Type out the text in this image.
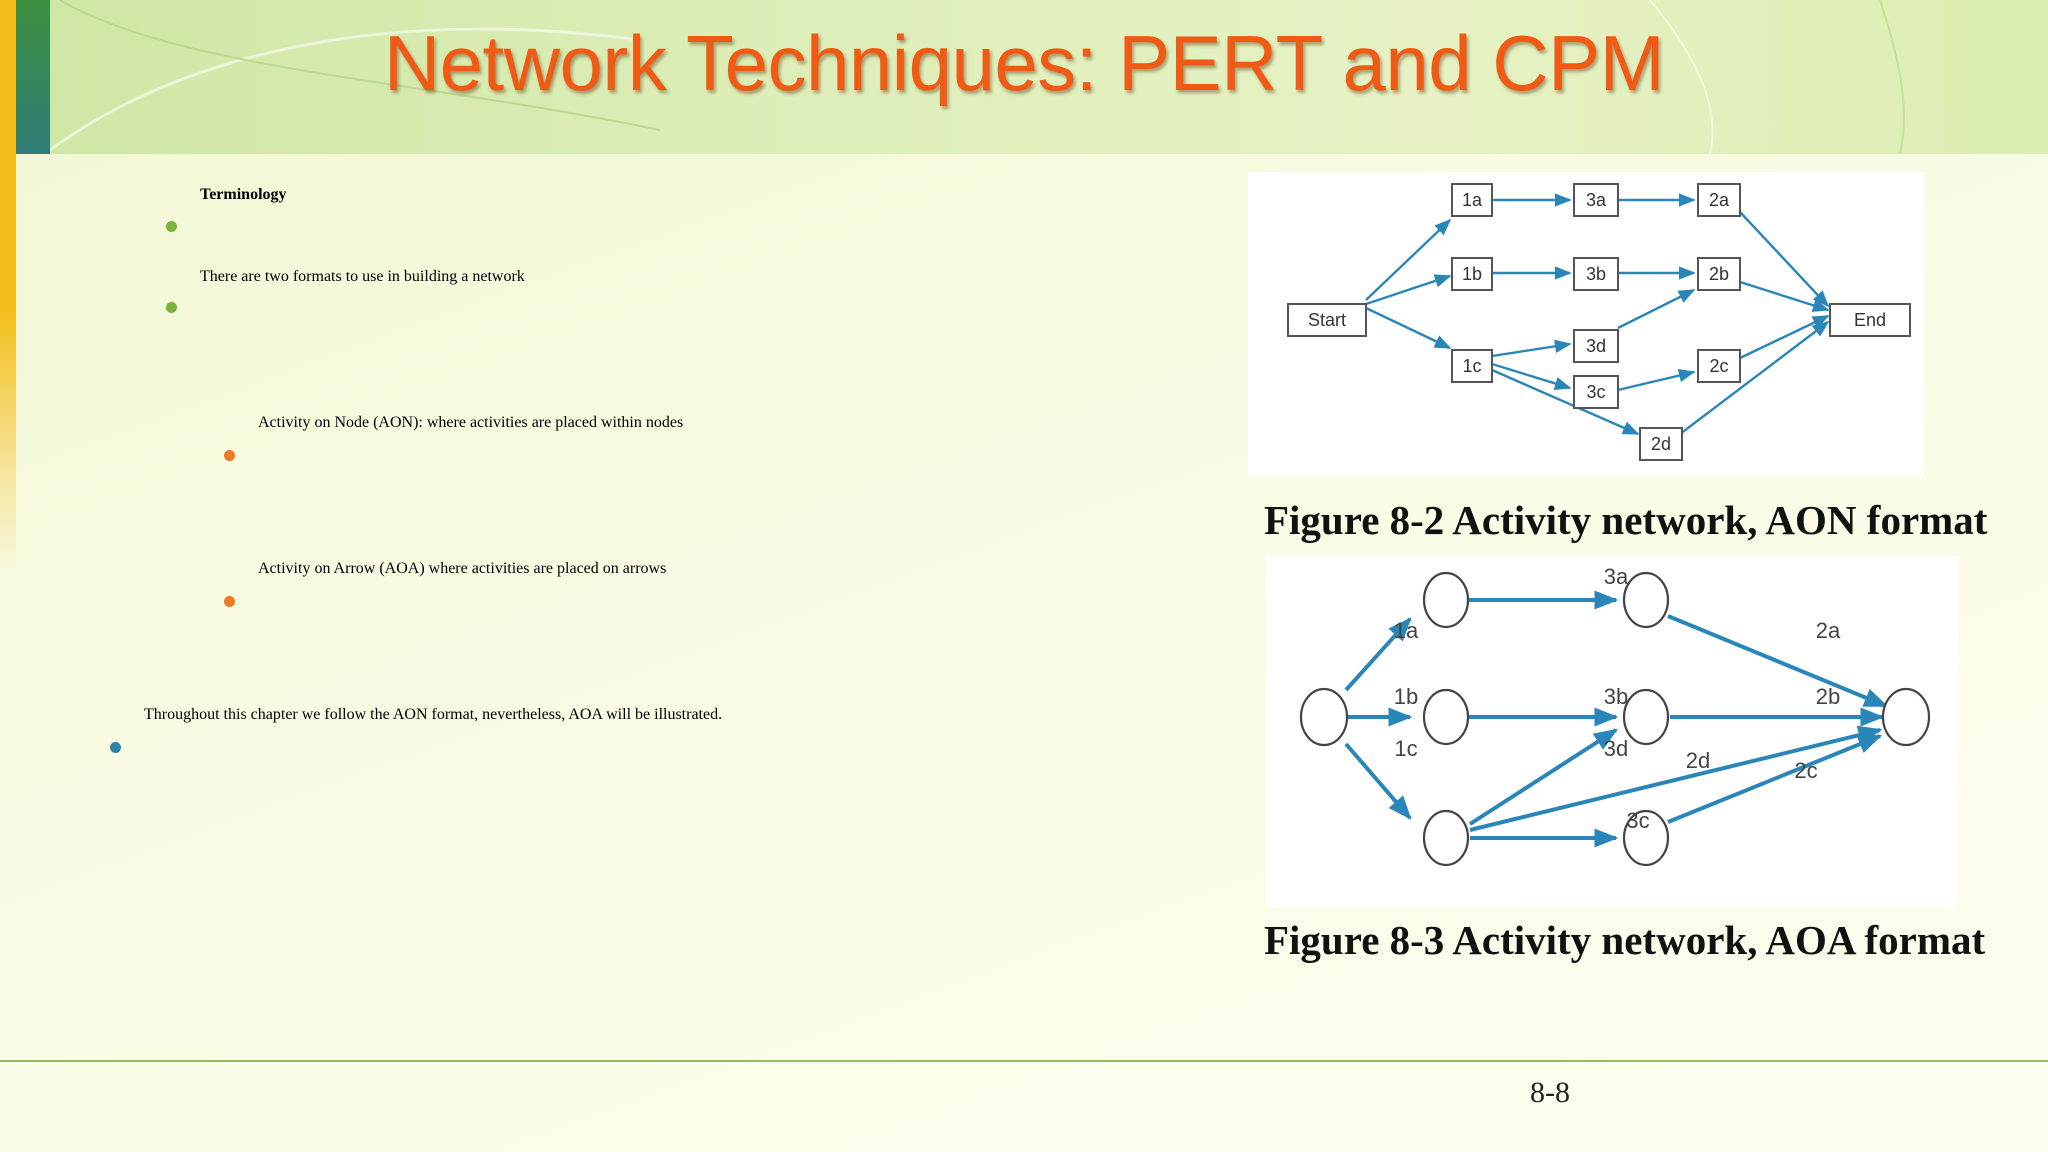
Network Techniques: PERT and CPM
Terminology
There are two formats to use in building a network
Activity on Node (AON): where activities are placed within nodes
Activity on Arrow (AOA) where activities are placed on arrows
Throughout this chapter we follow the AON format, nevertheless, AOA will be illustrated.
Start
1a
1b
1c
3a
3b
3d
3c
2a
2b
2c
2d
End
Figure 8-2 Activity network, AON format
1a
1b
1c
3a
3b
3d
3c
2d
2a
2b
2c
Figure 8-3 Activity network, AOA format
8-8
